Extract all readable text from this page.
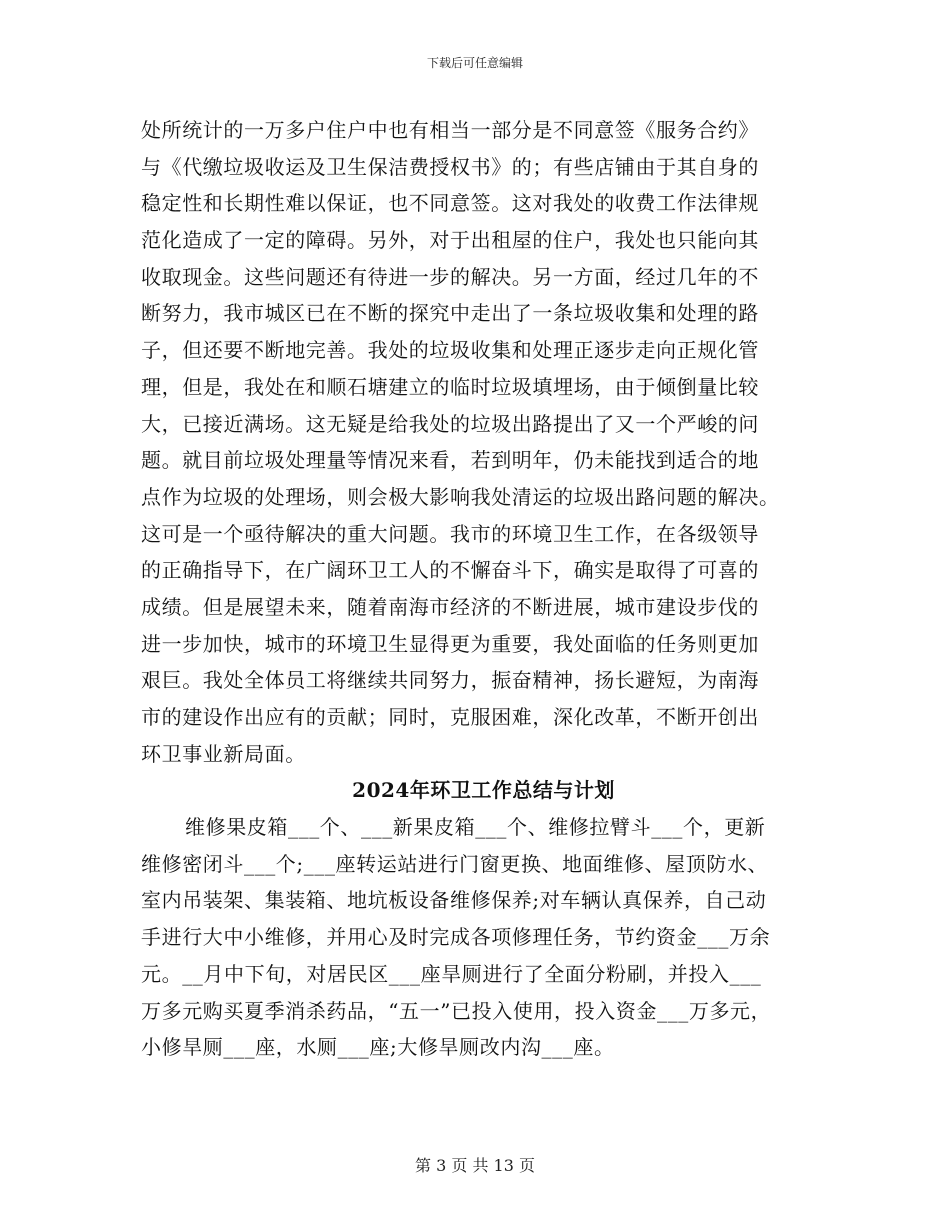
下载后可任意编辑
处所统计的一万多户住户中也有相当一部分是不同意签《服务合约》
与《代缴垃圾收运及卫生保洁费授权书》的；有些店铺由于其自身的
稳定性和长期性难以保证，也不同意签。这对我处的收费工作法律规
范化造成了一定的障碍。另外，对于出租屋的住户，我处也只能向其
收取现金。这些问题还有待进一步的解决。另一方面，经过几年的不
断努力，我市城区已在不断的探究中走出了一条垃圾收集和处理的路
子，但还要不断地完善。我处的垃圾收集和处理正逐步走向正规化管
理，但是，我处在和顺石塘建立的临时垃圾填埋场，由于倾倒量比较
大，已接近满场。这无疑是给我处的垃圾出路提出了又一个严峻的问
题。就目前垃圾处理量等情况来看，若到明年，仍未能找到适合的地
点作为垃圾的处理场，则会极大影响我处清运的垃圾出路问题的解决。
这可是一个亟待解决的重大问题。我市的环境卫生工作，在各级领导
的正确指导下，在广阔环卫工人的不懈奋斗下，确实是取得了可喜的
成绩。但是展望未来，随着南海市经济的不断进展，城市建设步伐的
进一步加快，城市的环境卫生显得更为重要，我处面临的任务则更加
艰巨。我处全体员工将继续共同努力，振奋精神，扬长避短，为南海
市的建设作出应有的贡献；同时，克服困难，深化改革，不断开创出
环卫事业新局面。
2024年环卫工作总结与计划
维修果皮箱___个、___新果皮箱___个、维修拉臂斗___个，更新
维修密闭斗___个;___座转运站进行门窗更换、地面维修、屋顶防水、
室内吊装架、集装箱、地坑板设备维修保养;对车辆认真保养，自己动
手进行大中小维修，并用心及时完成各项修理任务，节约资金___万余
元。__月中下旬，对居民区___座旱厕进行了全面分粉刷，并投入___
万多元购买夏季消杀药品，“五一”已投入使用，投入资金___万多元，
小修旱厕___座，水厕___座;大修旱厕改内沟___座。
第 3 页 共 13 页
